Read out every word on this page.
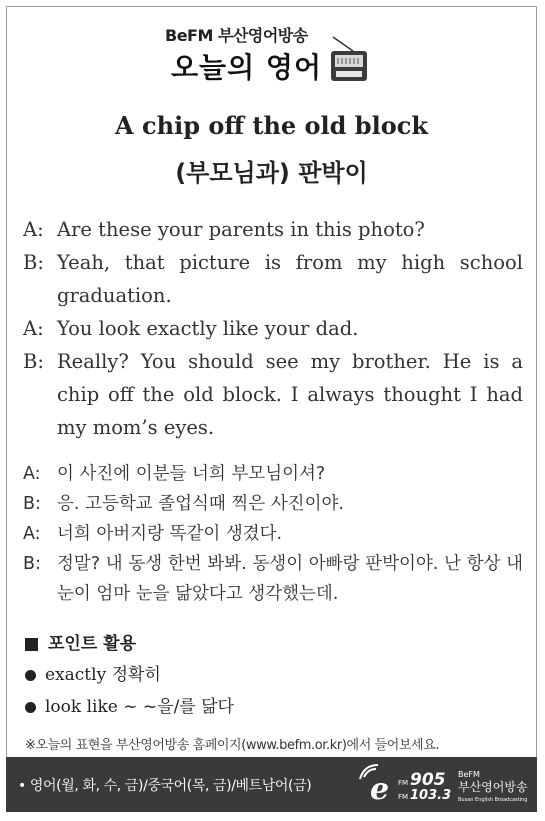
BeFM 부산영어방송
오늘의 영어
A chip off the old block
(부모님과) 판박이
A: Are these your parents in this photo?
B: Yeah, that picture is from my high school graduation.
A: You look exactly like your dad.
B: Really? You should see my brother. He is a chip off the old block. I always thought I had my mom’s eyes.
A: 이 사진에 이분들 너희 부모님이셔?
B: 응. 고등학교 졸업식때 찍은 사진이야.
A: 너희 아버지랑 똑같이 생겼다.
B: 정말? 내 동생 한번 봐봐. 동생이 아빠랑 판박이야. 난 항상 내 눈이 엄마 눈을 닮았다고 생각했는데.
포인트 활용
exactly
정확히
look like ~
~을/를 닮다
※오늘의 표현을 부산영어방송 홈페이지(www.befm.or.kr)에서 들어보세요.
• 영어(월, 화, 수, 금)/중국어(목, 금)/베트남어(금) e FM 905
FM 103.3
BeFM
부산영어방송
Busan English Broadcasting
